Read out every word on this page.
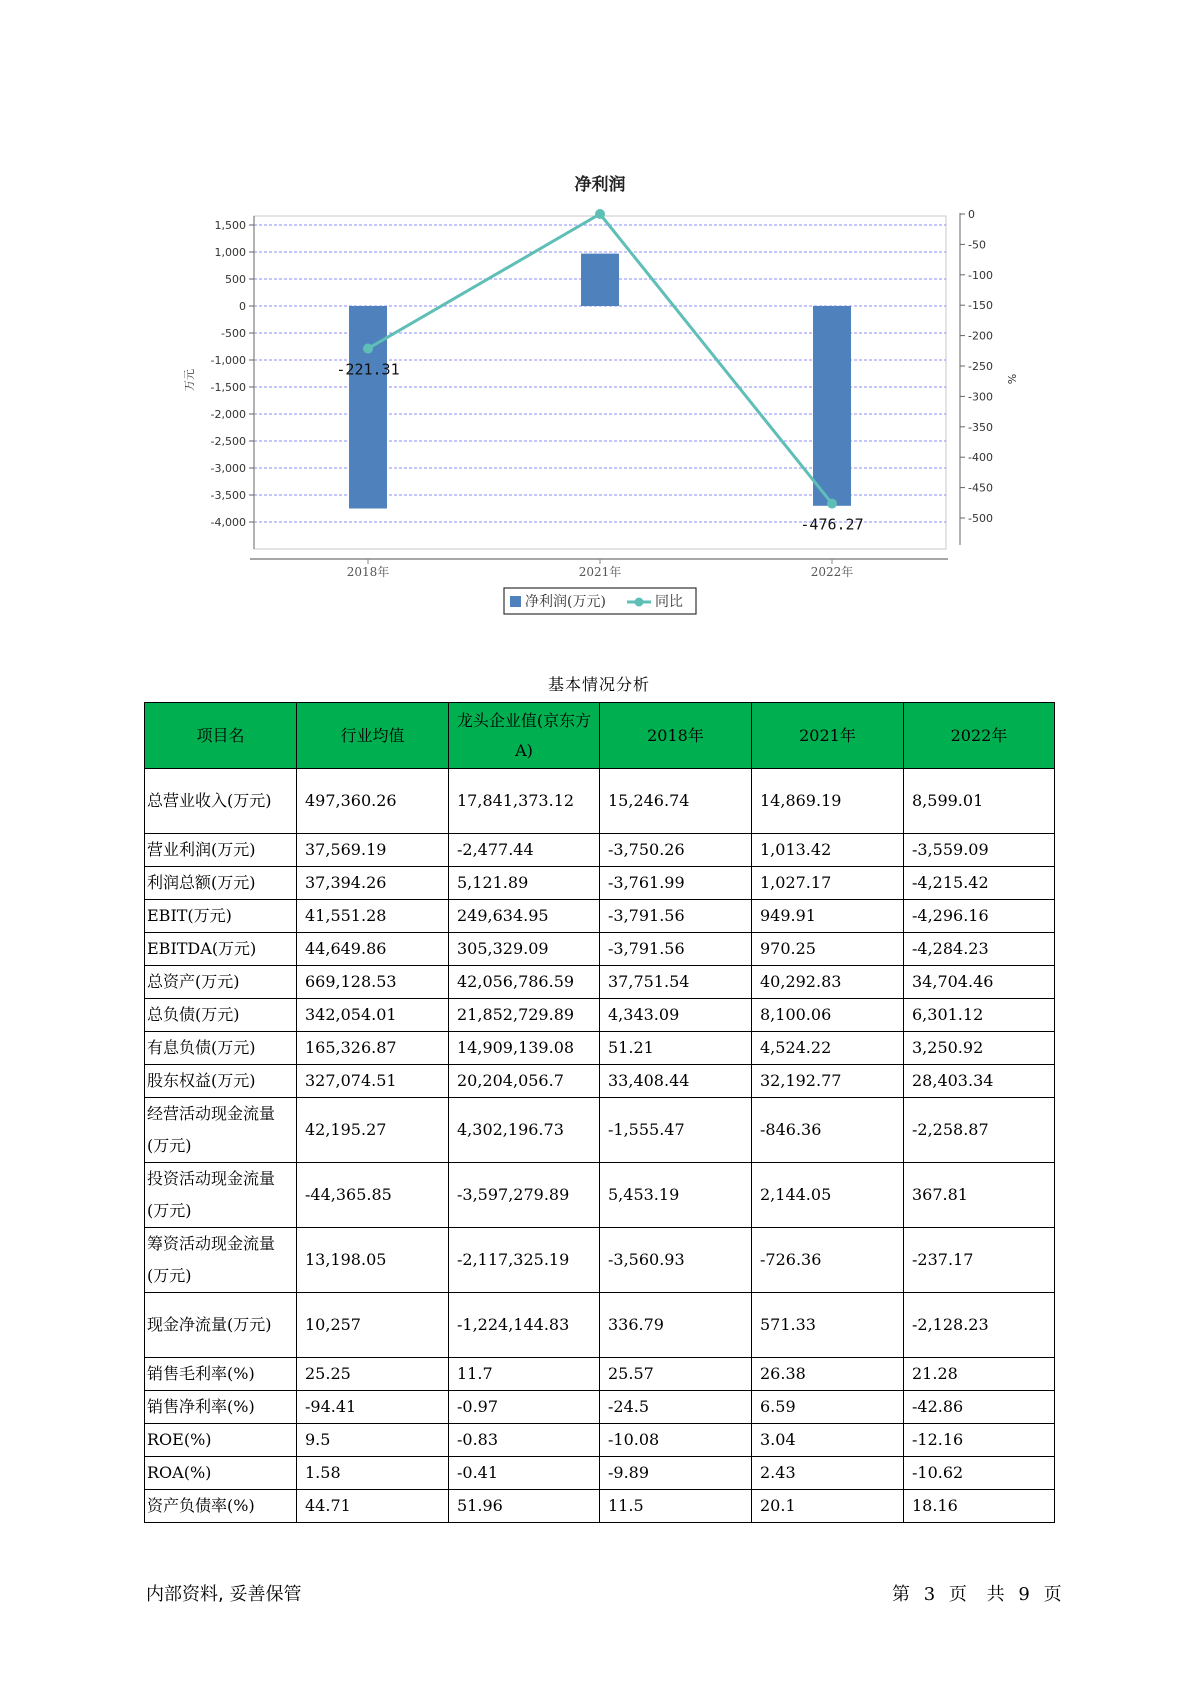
净利润
1,500
1,000
500
0
-500
-1,000
-1,500
-2,000
-2,500
-3,000
-3,500
-4,000
0
-50
-100
-150
-200
-250
-300
-350
-400
-450
-500
万元	%
2018年	2021年	2022年
-221.31
-476.27
净利润(万元)	同比
基本情况分析
项目名	行业均值	龙头企业值(京东方A)	2018年	2021年	2022年
总营业收入(万元)	497,360.26	17,841,373.12	15,246.74	14,869.19	8,599.01
营业利润(万元)	37,569.19	-2,477.44	-3,750.26	1,013.42	-3,559.09
利润总额(万元)	37,394.26	5,121.89	-3,761.99	1,027.17	-4,215.42
EBIT(万元)	41,551.28	249,634.95	-3,791.56	949.91	-4,296.16
EBITDA(万元)	44,649.86	305,329.09	-3,791.56	970.25	-4,284.23
总资产(万元)	669,128.53	42,056,786.59	37,751.54	40,292.83	34,704.46
总负债(万元)	342,054.01	21,852,729.89	4,343.09	8,100.06	6,301.12
有息负债(万元)	165,326.87	14,909,139.08	51.21	4,524.22	3,250.92
股东权益(万元)	327,074.51	20,204,056.7	33,408.44	32,192.77	28,403.34
经营活动现金流量(万元)	42,195.27	4,302,196.73	-1,555.47	-846.36	-2,258.87
投资活动现金流量(万元)	-44,365.85	-3,597,279.89	5,453.19	2,144.05	367.81
筹资活动现金流量(万元)	13,198.05	-2,117,325.19	-3,560.93	-726.36	-237.17
现金净流量(万元)	10,257	-1,224,144.83	336.79	571.33	-2,128.23
销售毛利率(%)	25.25	11.7	25.57	26.38	21.28
销售净利率(%)	-94.41	-0.97	-24.5	6.59	-42.86
ROE(%)	9.5	-0.83	-10.08	3.04	-12.16
ROA(%)	1.58	-0.41	-9.89	2.43	-10.62
资产负债率(%)	44.71	51.96	11.5	20.1	18.16
内部资料, 妥善保管	第 3 页 共 9 页
